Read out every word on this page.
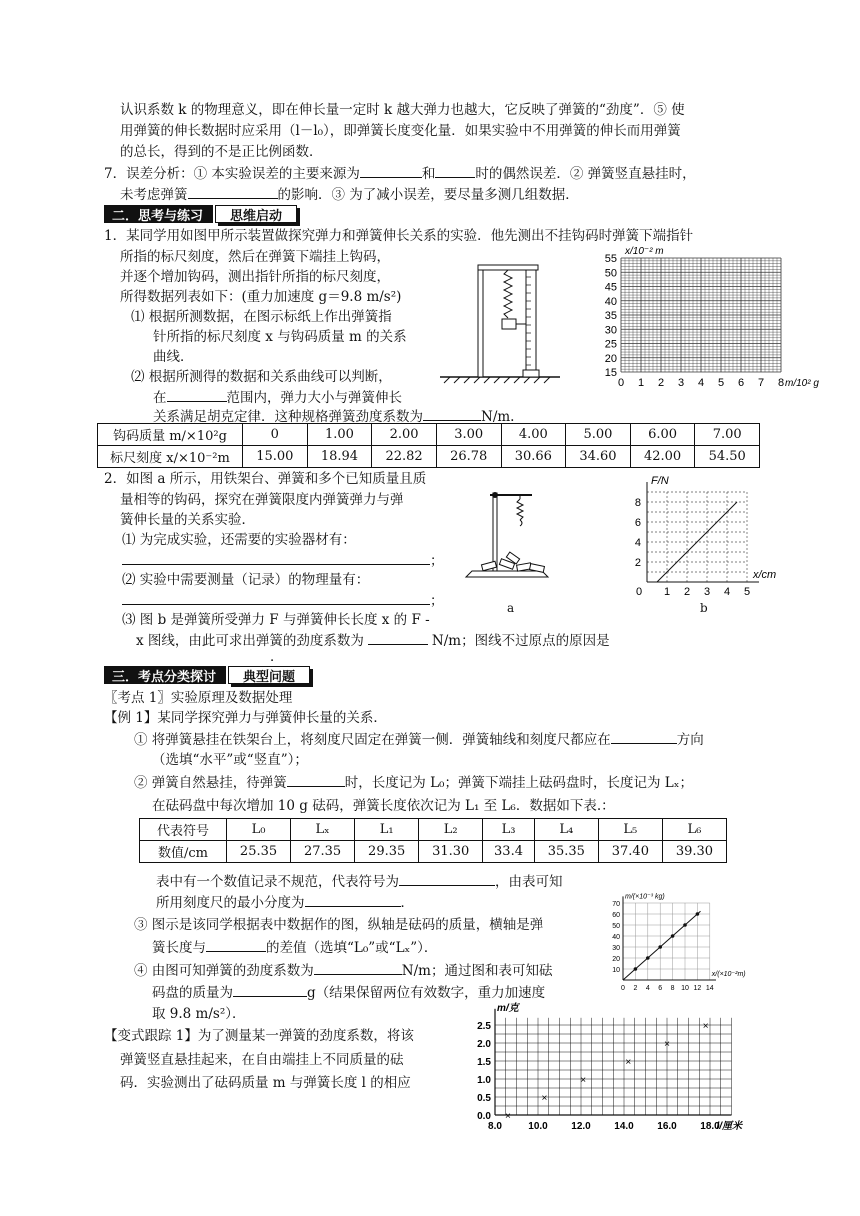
认识系数 k 的物理意义，即在伸长量一定时 k 越大弹力也越大，它反映了弹簧的“劲度”．⑤ 使
用弹簧的伸长数据时应采用（l－l₀），即弹簧长度变化量．如果实验中不用弹簧的伸长而用弹簧
的总长，得到的不是正比例函数．
7．误差分析：① 本实验误差的主要来源为	和	时的偶然误差．② 弹簧竖直悬挂时，
未考虑弹簧	的影响．③ 为了减小误差，要尽量多测几组数据．
二．思考与练习	思维启动
1．某同学用如图甲所示装置做探究弹力和弹簧伸长关系的实验．他先测出不挂钩码时弹簧下端指针
所指的标尺刻度，然后在弹簧下端挂上钩码，
并逐个增加钩码，测出指针所指的标尺刻度，
所得数据列表如下：(重力加速度 g＝9.8 m/s²)
⑴ 根据所测数据，在图示标纸上作出弹簧指
针所指的标尺刻度 x 与钩码质量 m 的关系
曲线．
⑵ 根据所测得的数据和关系曲线可以判断，
在	范围内，弹力大小与弹簧伸长
关系满足胡克定律．这种规格弹簧劲度系数为	N/m.
15
20
25
30
35
40
45
50
55
0 1 2 3 4 5 6 7 8
x/10⁻² m
m/10² g
钩码质量 m/×10²g	0	1.00	2.00	3.00	4.00	5.00	6.00	7.00
标尺刻度 x/×10⁻²m	15.00	18.94	22.82	26.78	30.66	34.60	42.00	54.50
2．如图 a 所示，用铁架台、弹簧和多个已知质量且质
量相等的钩码，探究在弹簧限度内弹簧弹力与弹
簧伸长量的关系实验．
⑴ 为完成实验，还需要的实验器材有：
；
⑵ 实验中需要测量（记录）的物理量有：
；
⑶ 图 b 是弹簧所受弹力 F 与弹簧伸长长度 x 的 F -
x 图线，由此可求出弹簧的劲度系数为	N/m；图线不过原点的原因是
．
a
2
4
6
8
0 1 2 3 4 5
F/N
x/cm
b
三．考点分类探讨	典型问题
〖考点 1〗实验原理及数据处理
【例 1】某同学探究弹力与弹簧伸长量的关系．
① 将弹簧悬挂在铁架台上，将刻度尺固定在弹簧一侧．弹簧轴线和刻度尺都应在	方向
（选填“水平”或“竖直”）；
② 弹簧自然悬挂，待弹簧	时，长度记为 L₀；弹簧下端挂上砝码盘时，长度记为 Lₓ；
在砝码盘中每次增加 10 g 砝码，弹簧长度依次记为 L₁ 至 L₆．数据如下表.：
代表符号	L₀	Lₓ	L₁	L₂	L₃	L₄	L₅	L₆
数值/cm	25.35	27.35	29.35	31.30	33.4	35.35	37.40	39.30
表中有一个数值记录不规范，代表符号为	，由表可知
所用刻度尺的最小分度为	．
③ 图示是该同学根据表中数据作的图，纵轴是砝码的质量，横轴是弹
簧长度与	的差值（选填“L₀”或“Lₓ”）．
④ 由图可知弹簧的劲度系数为	N/m；通过图和表可知砝
码盘的质量为	g（结果保留两位有效数字，重力加速度
取 9.8 m/s²）．
10
20
30
40
50
60
70
0 2 4 6 8 10 12 14
m/(×10⁻³ kg)
x/(×10⁻²m)
【变式跟踪 1】为了测量某一弹簧的劲度系数，将该
弹簧竖直悬挂起来，在自由端挂上不同质量的砝
码．实验测出了砝码质量 m 与弹簧长度 l 的相应
×
×
×
×
×
×
0.0
0.5
1.0
1.5
2.0
2.5
8.0	10.0 12.0 14.0 16.0 18.0
m/克
l/厘米
